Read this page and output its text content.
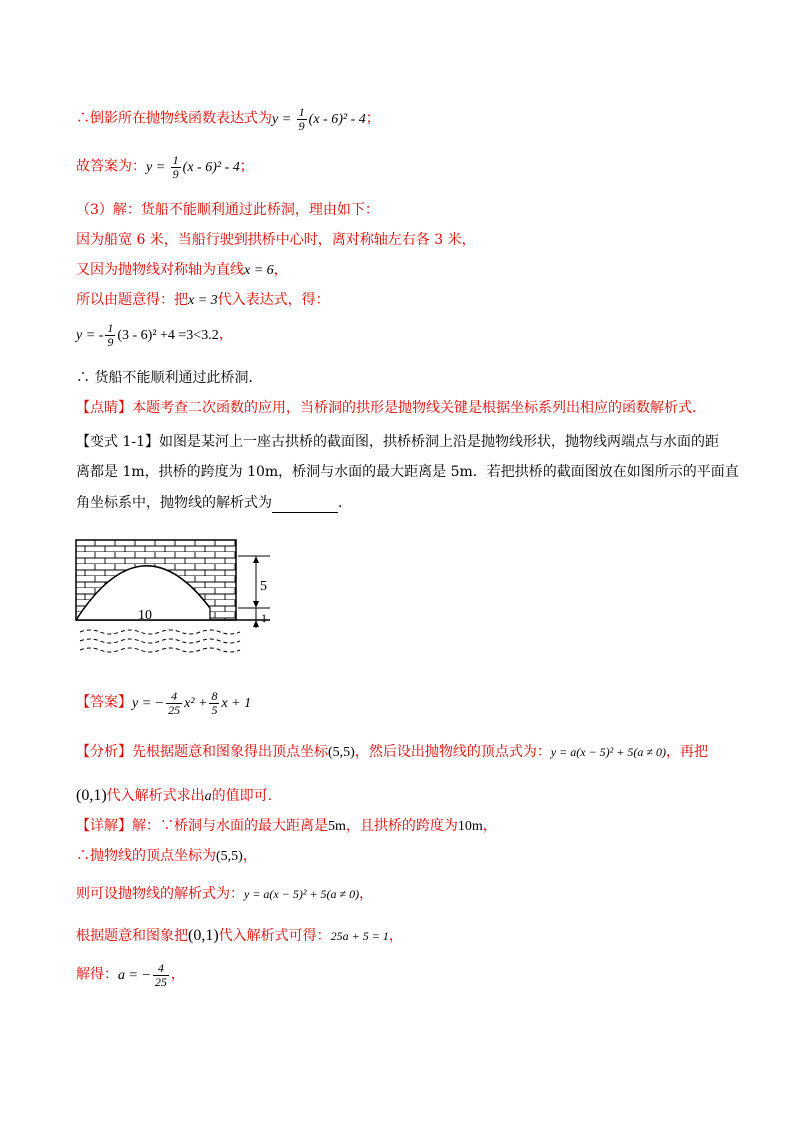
∴倒影所在抛物线函数表达式为$y = \frac{1}{9} (x - 6)^2 - 4$；
故答案为：$y = \frac{1}{9} (x - 6)^2 - 4$；
（3）解：货船不能顺利通过此桥洞，理由如下：
因为船宽 6 米，当船行驶到拱桥中心时，离对称轴左右各 3 米，
又因为抛物线对称轴为直线x = 6，
所以由题意得：把x = 3代入表达式，得：
y = - $\frac{1}{9} (3 - 6)^2 +4 =3<3.2$，
∴ 货船不能顺利通过此桥洞．
【点睛】本题考查二次函数的应用，当桥洞的拱形是抛物线关键是根据坐标系列出相应的函数解析式．
【变式 1-1】如图是某河上一座古拱桥的截面图，拱桥桥洞上沿是抛物线形状，抛物线两端点与水面的距
离都是 1m，拱桥的跨度为 10m，桥洞与水面的最大距离是 5m．若把拱桥的截面图放在如图所示的平面直
角坐标系中，抛物线的解析式为	．
10
5
1
【答案】y = − $\frac{4}{25} x^2 + \frac{8}{5}$ x + 1
【分析】先根据题意和图象得出顶点坐标(5,5)，然后设出抛物线的顶点式为：y = a(x − 5)² + 5(a ≠ 0)，再把
(0,1)代入解析式求出a的值即可.
【详解】解：∵桥洞与水面的最大距离是5m，且拱桥的跨度为10m，
∴抛物线的顶点坐标为(5,5)，
则可设抛物线的解析式为：y = a(x − 5)² + 5(a ≠ 0)，
根据题意和图象把(0,1)代入解析式可得：25a + 5 = 1，
解得：a = − $\frac{4}{25}$ ，
